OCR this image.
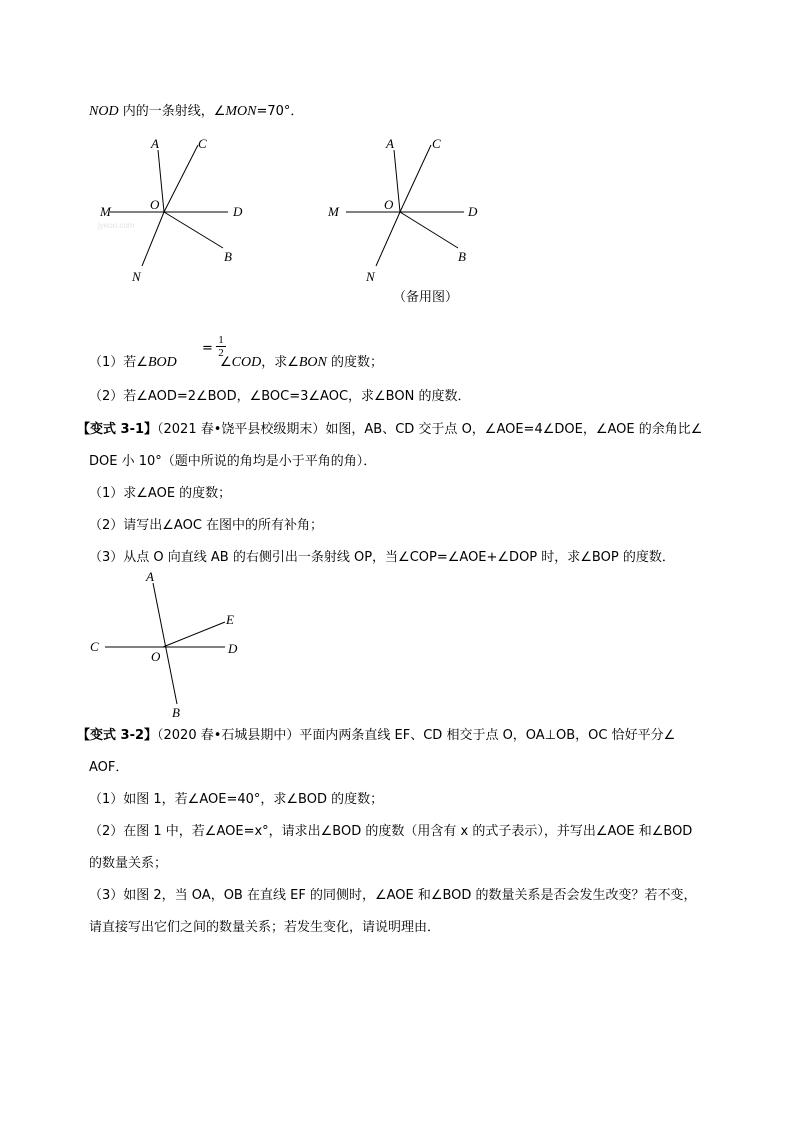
NOD 内的一条射线，∠MON=70°．
M
A	C
O	D
N
B
jyeoo.com
M
A	C
O	D
N
B
（备用图）
（1）若∠BOD
=
1
2
∠COD，求∠BON 的度数；
（2）若∠AOD=2∠BOD，∠BOC=3∠AOC，求∠BON 的度数．
【变式 3-1】（2021 春•饶平县校级期末）如图，AB、CD 交于点 O，∠AOE=4∠DOE，∠AOE 的余角比∠
DOE 小 10°（题中所说的角均是小于平角的角）．
（1）求∠AOE 的度数；
（2）请写出∠AOC 在图中的所有补角；
（3）从点 O 向直线 AB 的右侧引出一条射线 OP，当∠COP=∠AOE+∠DOP 时，求∠BOP 的度数．
A
E
C
O
D
B
【变式 3-2】（2020 春•石城县期中）平面内两条直线 EF、CD 相交于点 O，OA⊥OB，OC 恰好平分∠
AOF．
（1）如图 1，若∠AOE=40°，求∠BOD 的度数；
（2）在图 1 中，若∠AOE=x°，请求出∠BOD 的度数（用含有 x 的式子表示），并写出∠AOE 和∠BOD
的数量关系；
（3）如图 2，当 OA，OB 在直线 EF 的同侧时，∠AOE 和∠BOD 的数量关系是否会发生改变？若不变，
请直接写出它们之间的数量关系；若发生变化，请说明理由．
